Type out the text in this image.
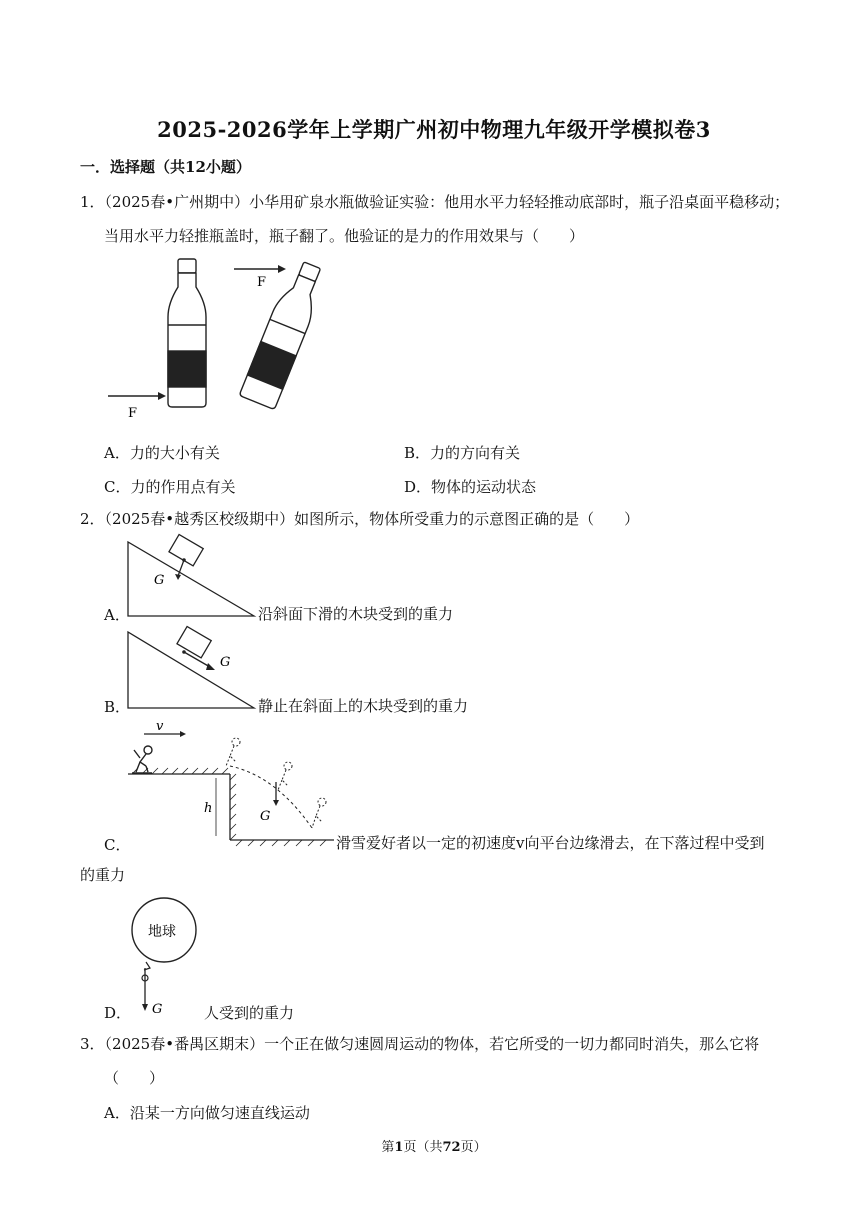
2025-2026学年上学期广州初中物理九年级开学模拟卷3
一．选择题（共12小题）
1．（2025春•广州期中）小华用矿泉水瓶做验证实验：他用水平力轻轻推动底部时，瓶子沿桌面平稳移动；
当用水平力轻推瓶盖时，瓶子翻了。他验证的是力的作用效果与（　　）
F
F
A．力的大小有关	B．力的方向有关
C．力的作用点有关	D．物体的运动状态
2．（2025春•越秀区校级期中）如图所示，物体所受重力的示意图正确的是（　　）
G
A．	沿斜面下滑的木块受到的重力
G
B．	静止在斜面上的木块受到的重力
v
h
G
C．	滑雪爱好者以一定的初速度v向平台边缘滑去，在下落过程中受到
的重力
地球
G
D．	人受到的重力
3．（2025春•番禺区期末）一个正在做匀速圆周运动的物体，若它所受的一切力都同时消失，那么它将
（　　）
A．沿某一方向做匀速直线运动
第1页（共72页）
